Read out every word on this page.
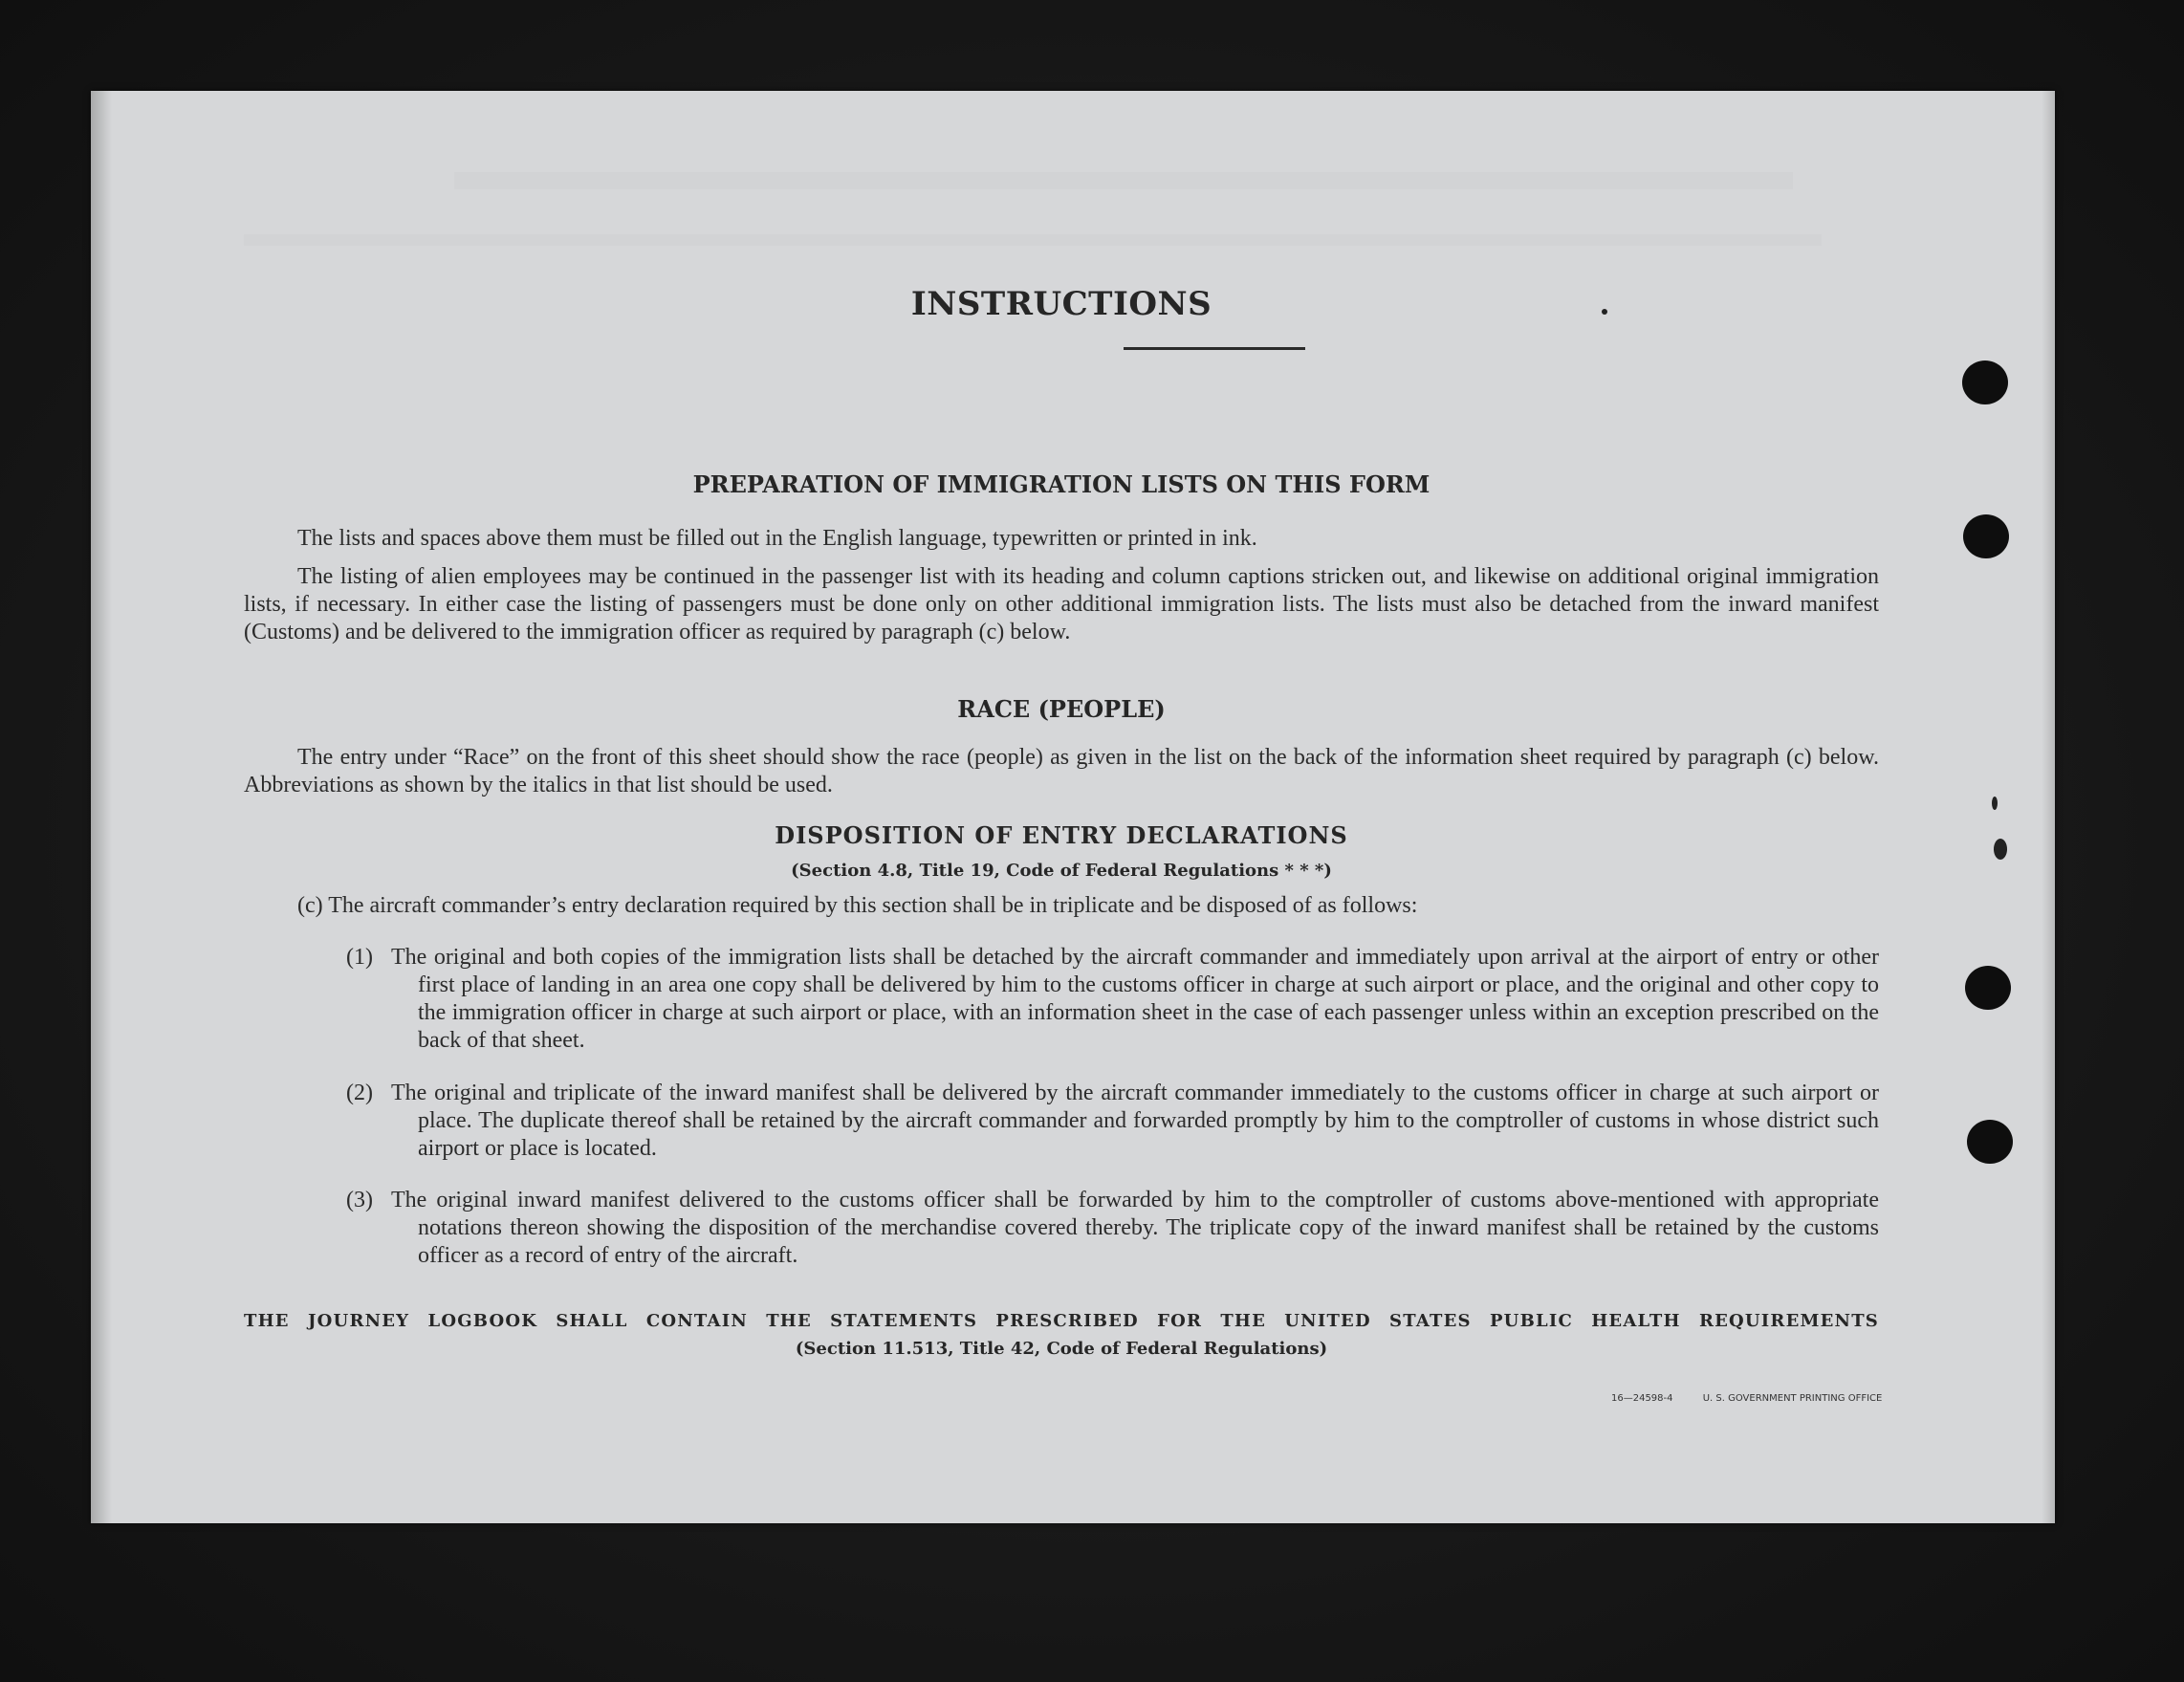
INSTRUCTIONS
PREPARATION OF IMMIGRATION LISTS ON THIS FORM
The lists and spaces above them must be filled out in the English language, typewritten or printed in ink.
The listing of alien employees may be continued in the passenger list with its heading and column captions stricken out, and likewise on additional original immigration lists, if necessary. In either case the listing of passengers must be done only on other additional immigration lists. The lists must also be detached from the inward manifest (Customs) and be delivered to the immigration officer as required by paragraph (c) below.
RACE (PEOPLE)
The entry under “Race” on the front of this sheet should show the race (people) as given in the list on the back of the information sheet required by paragraph (c) below. Abbreviations as shown by the italics in that list should be used.
DISPOSITION OF ENTRY DECLARATIONS
(Section 4.8, Title 19, Code of Federal Regulations * * *)
(c) The aircraft commander’s entry declaration required by this section shall be in triplicate and be disposed of as follows:
(1) The original and both copies of the immigration lists shall be detached by the aircraft commander and immediately upon arrival at the airport of entry or other first place of landing in an area one copy shall be delivered by him to the customs officer in charge at such airport or place, and the original and other copy to the immigration officer in charge at such airport or place, with an information sheet in the case of each passenger unless within an exception prescribed on the back of that sheet.
(2) The original and triplicate of the inward manifest shall be delivered by the aircraft commander immediately to the customs officer in charge at such airport or place. The duplicate thereof shall be retained by the aircraft commander and forwarded promptly by him to the comptroller of customs in whose district such airport or place is located.
(3) The original inward manifest delivered to the customs officer shall be forwarded by him to the comptroller of customs above-mentioned with appropriate notations thereon showing the disposition of the merchandise covered thereby. The triplicate copy of the inward manifest shall be retained by the customs officer as a record of entry of the aircraft.
THE JOURNEY LOGBOOK SHALL CONTAIN THE STATEMENTS PRESCRIBED FOR THE UNITED STATES PUBLIC HEALTH REQUIREMENTS
(Section 11.513, Title 42, Code of Federal Regulations)
16—24598-4	U. S. GOVERNMENT PRINTING OFFICE
